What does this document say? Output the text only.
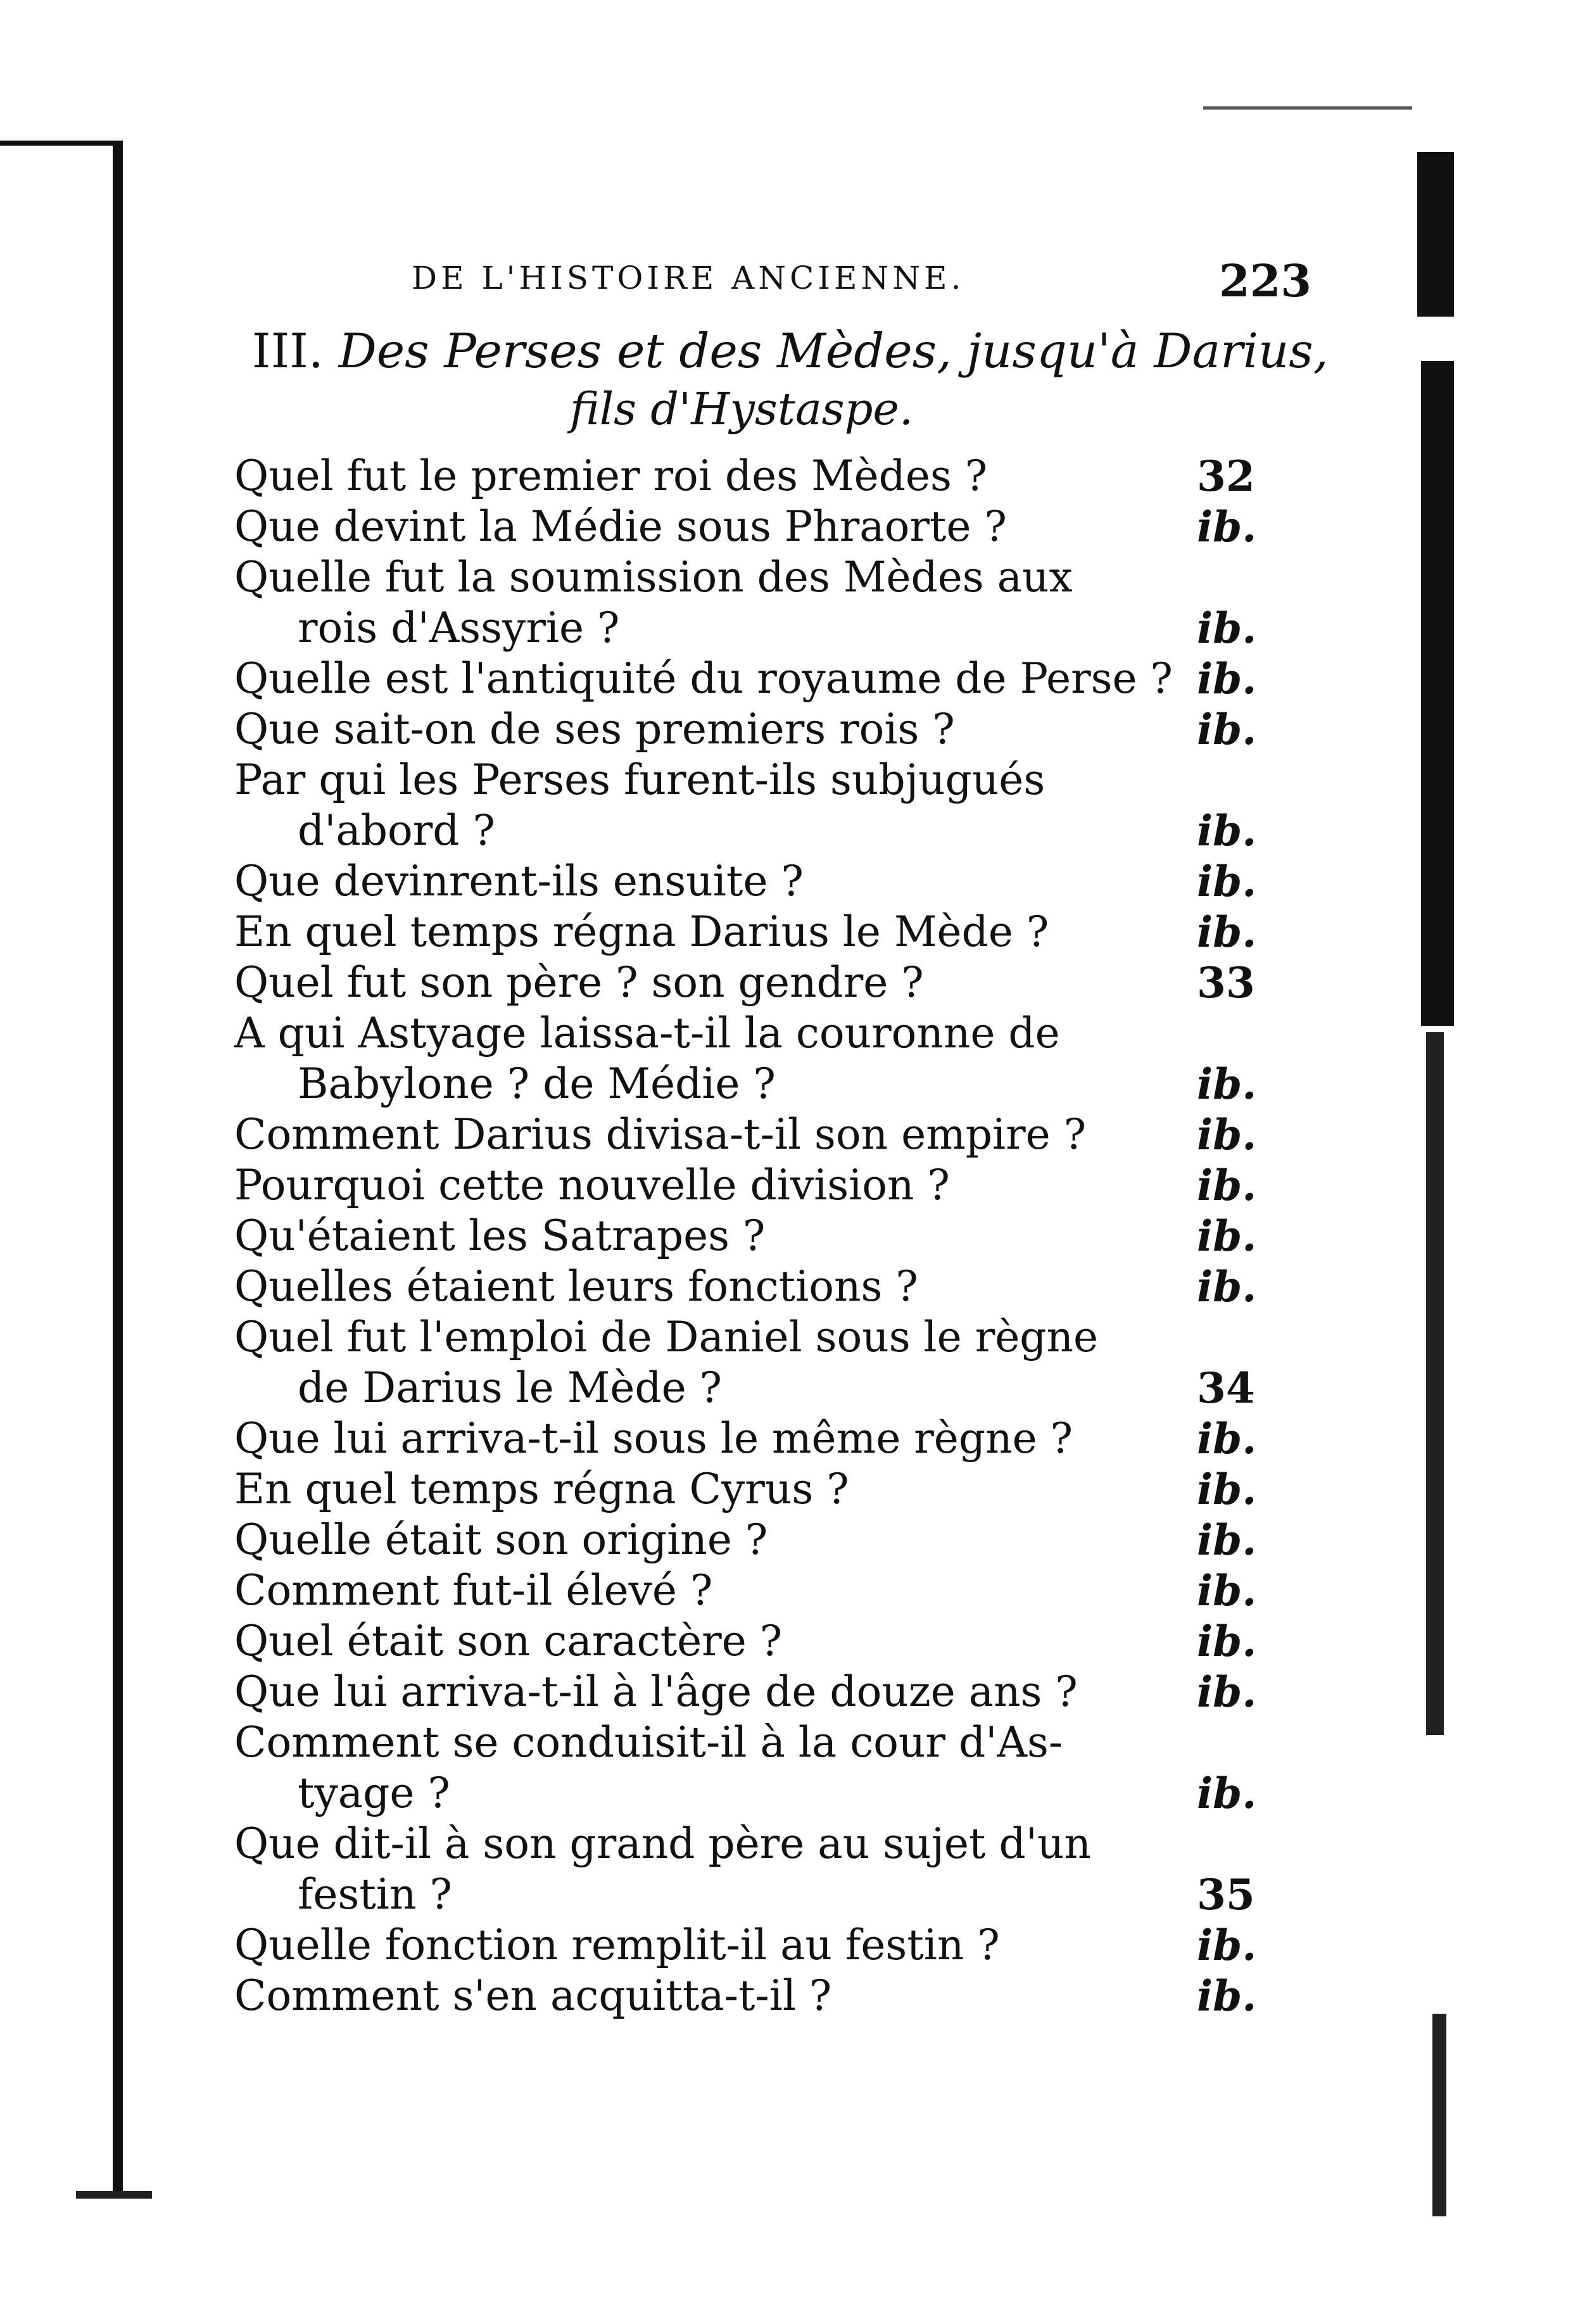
DE L'HISTOIRE ANCIENNE.	223
III. Des Perses et des Mèdes, jusqu'à Darius,
fils d'Hystaspe.
Quel fut le premier roi des Mèdes ?	32
Que devint la Médie sous Phraorte ?	ib.
Quelle fut la soumission des Mèdes aux
rois d'Assyrie ?	ib.
Quelle est l'antiquité du royaume de Perse ? ib.
Que sait-on de ses premiers rois ?	ib.
Par qui les Perses furent-ils subjugués
d'abord ?	ib.
Que devinrent-ils ensuite ?	ib.
En quel temps régna Darius le Mède ?	ib.
Quel fut son père ? son gendre ?	33
A qui Astyage laissa-t-il la couronne de
Babylone ? de Médie ?	ib.
Comment Darius divisa-t-il son empire ?	ib.
Pourquoi cette nouvelle division ?	ib.
Qu'étaient les Satrapes ?	ib.
Quelles étaient leurs fonctions ?	ib.
Quel fut l'emploi de Daniel sous le règne
de Darius le Mède ?	34
Que lui arriva-t-il sous le même règne ?	ib.
En quel temps régna Cyrus ?	ib.
Quelle était son origine ?	ib.
Comment fut-il élevé ?	ib.
Quel était son caractère ?	ib.
Que lui arriva-t-il à l'âge de douze ans ?	ib.
Comment se conduisit-il à la cour d'As-
tyage ?	ib.
Que dit-il à son grand père au sujet d'un
festin ?	35
Quelle fonction remplit-il au festin ?	ib.
Comment s'en acquitta-t-il ?	ib.
